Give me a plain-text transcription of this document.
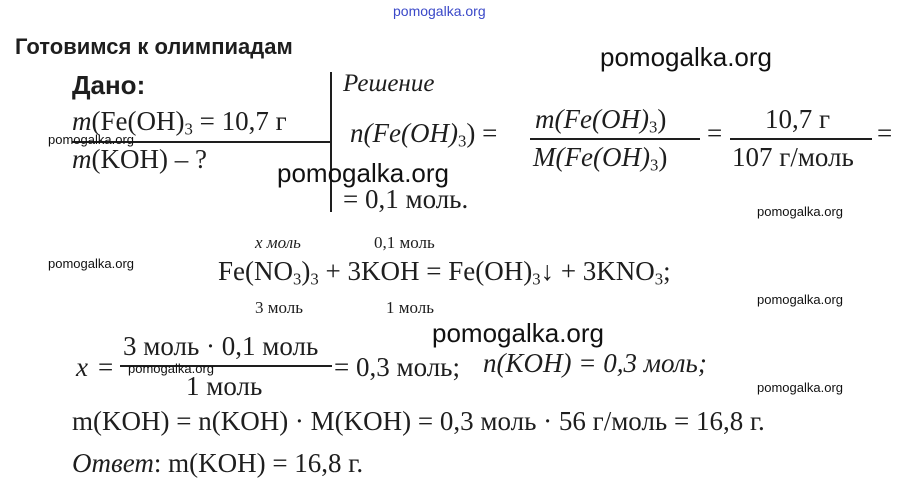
pomogalka.org
Готовимся к олимпиадам
Дано:
$m(Fe(OH)_3 = 10,7$ г
m(KOH) – ?
Решение
$n(Fe(OH)_3) = m(Fe(OH)_3)$
$M(Fe(OH)_3)$
= 10,7 г
107 г/моль
=
= 0,1 моль.
x моль	0,1 моль
$Fe(NO_3)_3 + 3KOH$ = $Fe(OH)_3↓ + 3KNO_3$;
3 моль	1 моль
x =
3 моль · 0,1 моль
1 моль
= 0,3 моль; n(KOH) = 0,3 моль;
m(KOH) = n(KOH) · M(KOH) = 0,3 моль · 56 г/моль = 16,8 г.
Ответ: m(KOH) = 16,8 г.
pomogalka.org
pomogalka.org
pomogalka.org
pomogalka.org
pomogalka.org
pomogalka.org
pomogalka.org
pomogalka.org
pomogalka.org
